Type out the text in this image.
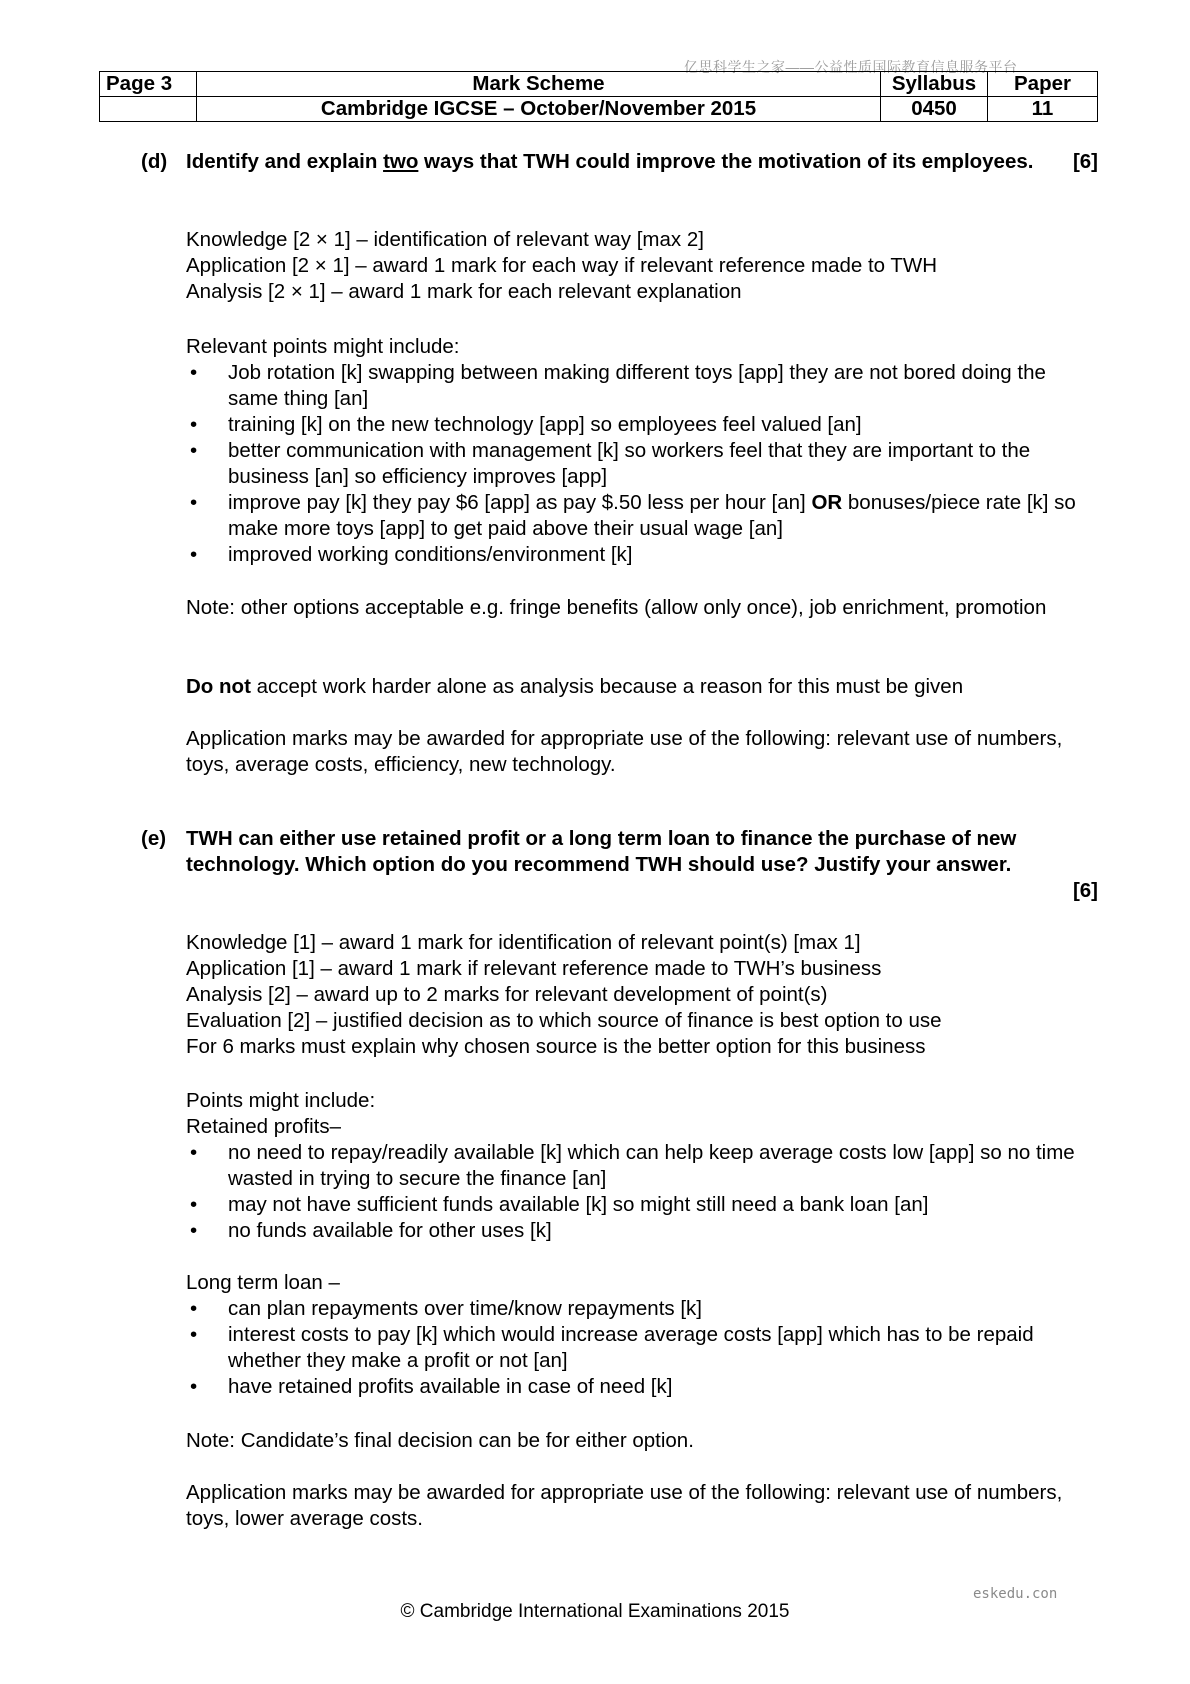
亿思科学生之家——公益性质国际教育信息服务平台
Page 3	Mark Scheme	Syllabus	Paper
	Cambridge IGCSE – October/November 2015	0450	11
(d) Identify and explain two ways that TWH could improve the motivation of its employees.	[6]

Knowledge [2 × 1] – identification of relevant way [max 2]

Application [2 × 1] – award 1 mark for each way if relevant reference made to TWH

Analysis [2 × 1] – award 1 mark for each relevant explanation

Relevant points might include:

• Job rotation [k] swapping between making different toys [app] they are not bored doing the same thing [an]
• training [k] on the new technology [app] so employees feel valued [an]
• better communication with management [k] so workers feel that they are important to the business [an] so efficiency improves [app]
• improve pay [k] they pay $6 [app] as pay $.50 less per hour [an] OR bonuses/piece rate [k] so make more toys [app] to get paid above their usual wage [an]
• improved working conditions/environment [k]
Note: other options acceptable e.g. fringe benefits (allow only once), job enrichment, promotion
Do not accept work harder alone as analysis because a reason for this must be given
Application marks may be awarded for appropriate use of the following: relevant use of numbers, toys, average costs, efficiency, new technology.
(e) TWH can either use retained profit or a long term loan to finance the purchase of new technology. Which option do you recommend TWH should use? Justify your answer.
[6]

Knowledge [1] – award 1 mark for identification of relevant point(s) [max 1]

Application [1] – award 1 mark if relevant reference made to TWH’s business

Analysis [2] – award up to 2 marks for relevant development of point(s)

Evaluation [2] – justified decision as to which source of finance is best option to use

For 6 marks must explain why chosen source is the better option for this business

Points might include:

Retained profits–

• no need to repay/readily available [k] which can help keep average costs low [app] so no time wasted in trying to secure the finance [an]
• may not have sufficient funds available [k] so might still need a bank loan [an]
• no funds available for other uses [k]

Long term loan –

• can plan repayments over time/know repayments [k]
• interest costs to pay [k] which would increase average costs [app] which has to be repaid whether they make a profit or not [an]
• have retained profits available in case of need [k]
Note: Candidate’s final decision can be for either option.
Application marks may be awarded for appropriate use of the following: relevant use of numbers, toys, lower average costs.
eskedu.con
© Cambridge International Examinations 2015
